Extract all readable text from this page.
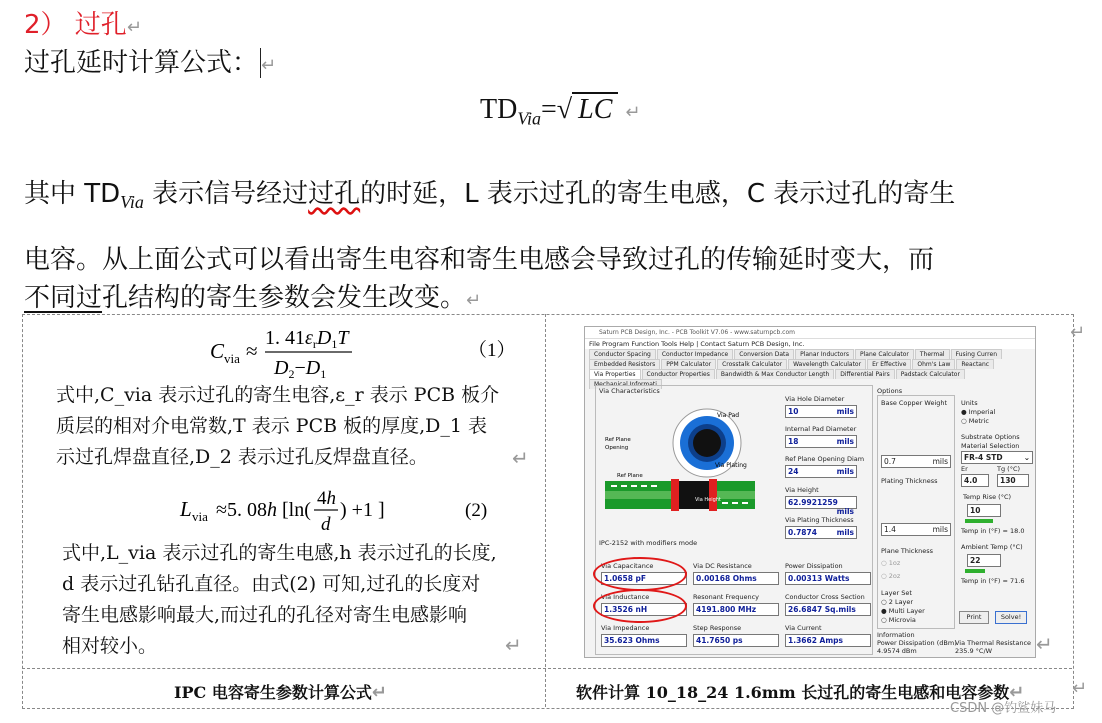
2） 过孔↵
过孔延时计算公式： ↵
$TD_{Via}=√$ LC ↵
其中 $TD_{Via}$ 表示信号经过过孔的时延，L 表示过孔的寄生电感，C 表示过孔的寄生
电容。从上面公式可以看出寄生电容和寄生电感会导致过孔的传输延时变大，而
不同过孔结构的寄生参数会发生改变。↵
C via ≈
1. $41\varepsilon_rD_1T$
$D_2-D_1$
（1）
式中,C_via 表示过孔的寄生电容,ε_r 表示 PCB 板介
质层的相对介电常数,T 表示 PCB 板的厚度,D_1 表
示过孔焊盘直径,D_2 表示过孔反焊盘直径。	↵
L via ≈5. 08h [ln(
4h
d
) +1 ]	(2)
式中,L_via 表示过孔的寄生电感,h 表示过孔的长度,
d 表示过孔钻孔直径。由式(2) 可知,过孔的长度对
寄生电感影响最大,而过孔的孔径对寄生电感影响
相对较小。	↵
Saturn PCB Design, Inc. - PCB Toolkit V7.06 - www.saturnpcb.com
File Program Function Tools Help | Contact Saturn PCB Design, Inc.
Conductor Spacing	Conductor Impedance	Conversion Data	Planar Inductors	Plane Calculator	Thermal	Fusing Curren
Embedded Resistors	PPM Calculator	Crosstalk Calculator	Wavelength Calculator	Er Effective	Ohm's Law	Reactanc
Via Properties	Conductor Properties	Bandwidth & Max Conductor Length	Differential Pairs	Padstack Calculator
Mechanical Informati
Via Characteristics
Via Pad
Ref Plane
Opening
Via Plating
Ref Plane
Via Height
IPC-2152 with modifiers mode
Via Hole Diameter
10	mils
Internal Pad Diameter
18	mils
Ref Plane Opening Diam
24	mils
Via Height
62.9921259
mils
Via Plating Thickness
0.7874	mils
Via Capacitance
1.0658 pF
Via DC Resistance
0.00168 Ohms
Power Dissipation
0.00313 Watts
Via Inductance
1.3526 nH
Resonant Frequency
4191.800 MHz
Conductor Cross Section
26.6847 Sq.mils
Via Impedance
35.623 Ohms
Step Response
41.7650 ps
Via Current
1.3662 Amps
Options
Base Copper Weight
0.7	mils
Plating Thickness
1.4	mils
Plane Thickness
○ 1oz
○ 2oz
Layer Set
○ 2 Layer
● Multi Layer
○ Microvia
Units
● Imperial
○ Metric
Substrate Options
Material Selection
FR-4 STD	⌄
Er	Tg (°C)
4.0	130
Temp Rise (°C)
10
Temp in (°F) = 18.0
Ambient Temp (°C)
22
Temp in (°F) = 71.6
Print	Solve!
Information
Power Dissipation (dBm)
4.9574 dBm
Via Thermal Resistance
235.9 °C/W
↵
↵
IPC 电容寄生参数计算公式↵	软件计算 10_18_24 1.6mm 长过孔的寄生电感和电容参数↵	↵
CSDN @钓鲨妹马
